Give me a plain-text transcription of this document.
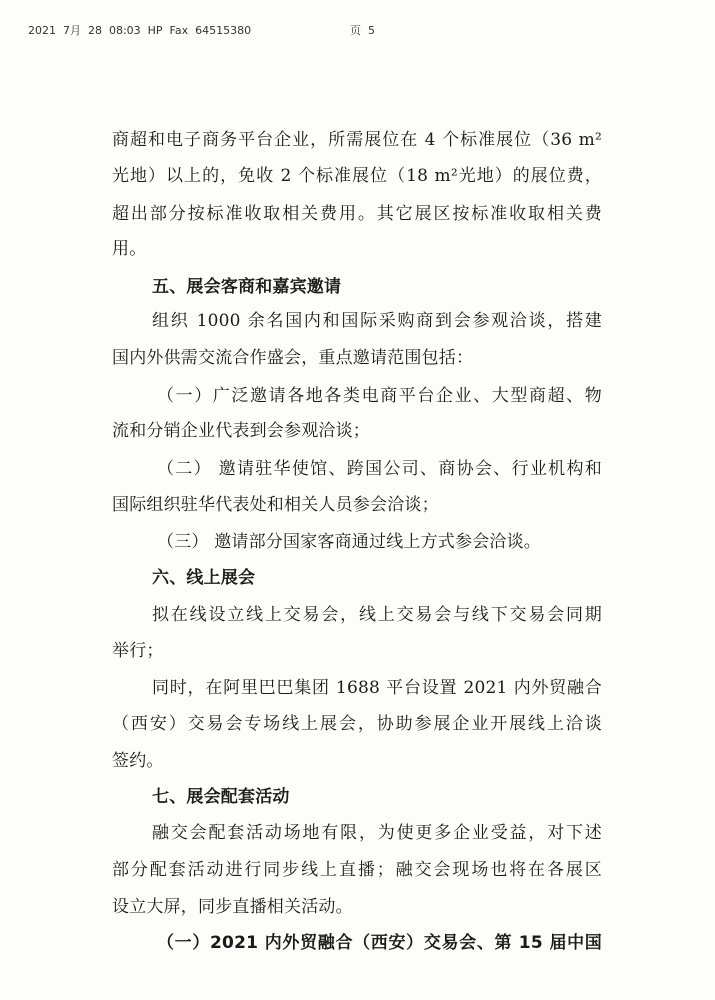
2021  7月  28  08:03  HP  Fax  64515380	页  5
商超和电子商务平台企业，所需展位在 4 个标准展位（36 m²
光地）以上的，免收 2 个标准展位（18 m²光地）的展位费，
超出部分按标准收取相关费用。其它展区按标准收取相关费
用。
五、展会客商和嘉宾邀请
组织 1000 余名国内和国际采购商到会参观洽谈，搭建
国内外供需交流合作盛会，重点邀请范围包括：
（一）广泛邀请各地各类电商平台企业、大型商超、物
流和分销企业代表到会参观洽谈；
（二） 邀请驻华使馆、跨国公司、商协会、行业机构和
国际组织驻华代表处和相关人员参会洽谈；
（三） 邀请部分国家客商通过线上方式参会洽谈。
六、线上展会
拟在线设立线上交易会，线上交易会与线下交易会同期
举行；
同时，在阿里巴巴集团 1688 平台设置 2021 内外贸融合
（西安）交易会专场线上展会，协助参展企业开展线上洽谈
签约。
七、展会配套活动
融交会配套活动场地有限，为使更多企业受益，对下述
部分配套活动进行同步线上直播；融交会现场也将在各展区
设立大屏，同步直播相关活动。
（一）2021 内外贸融合（西安）交易会、第 15 届中国
